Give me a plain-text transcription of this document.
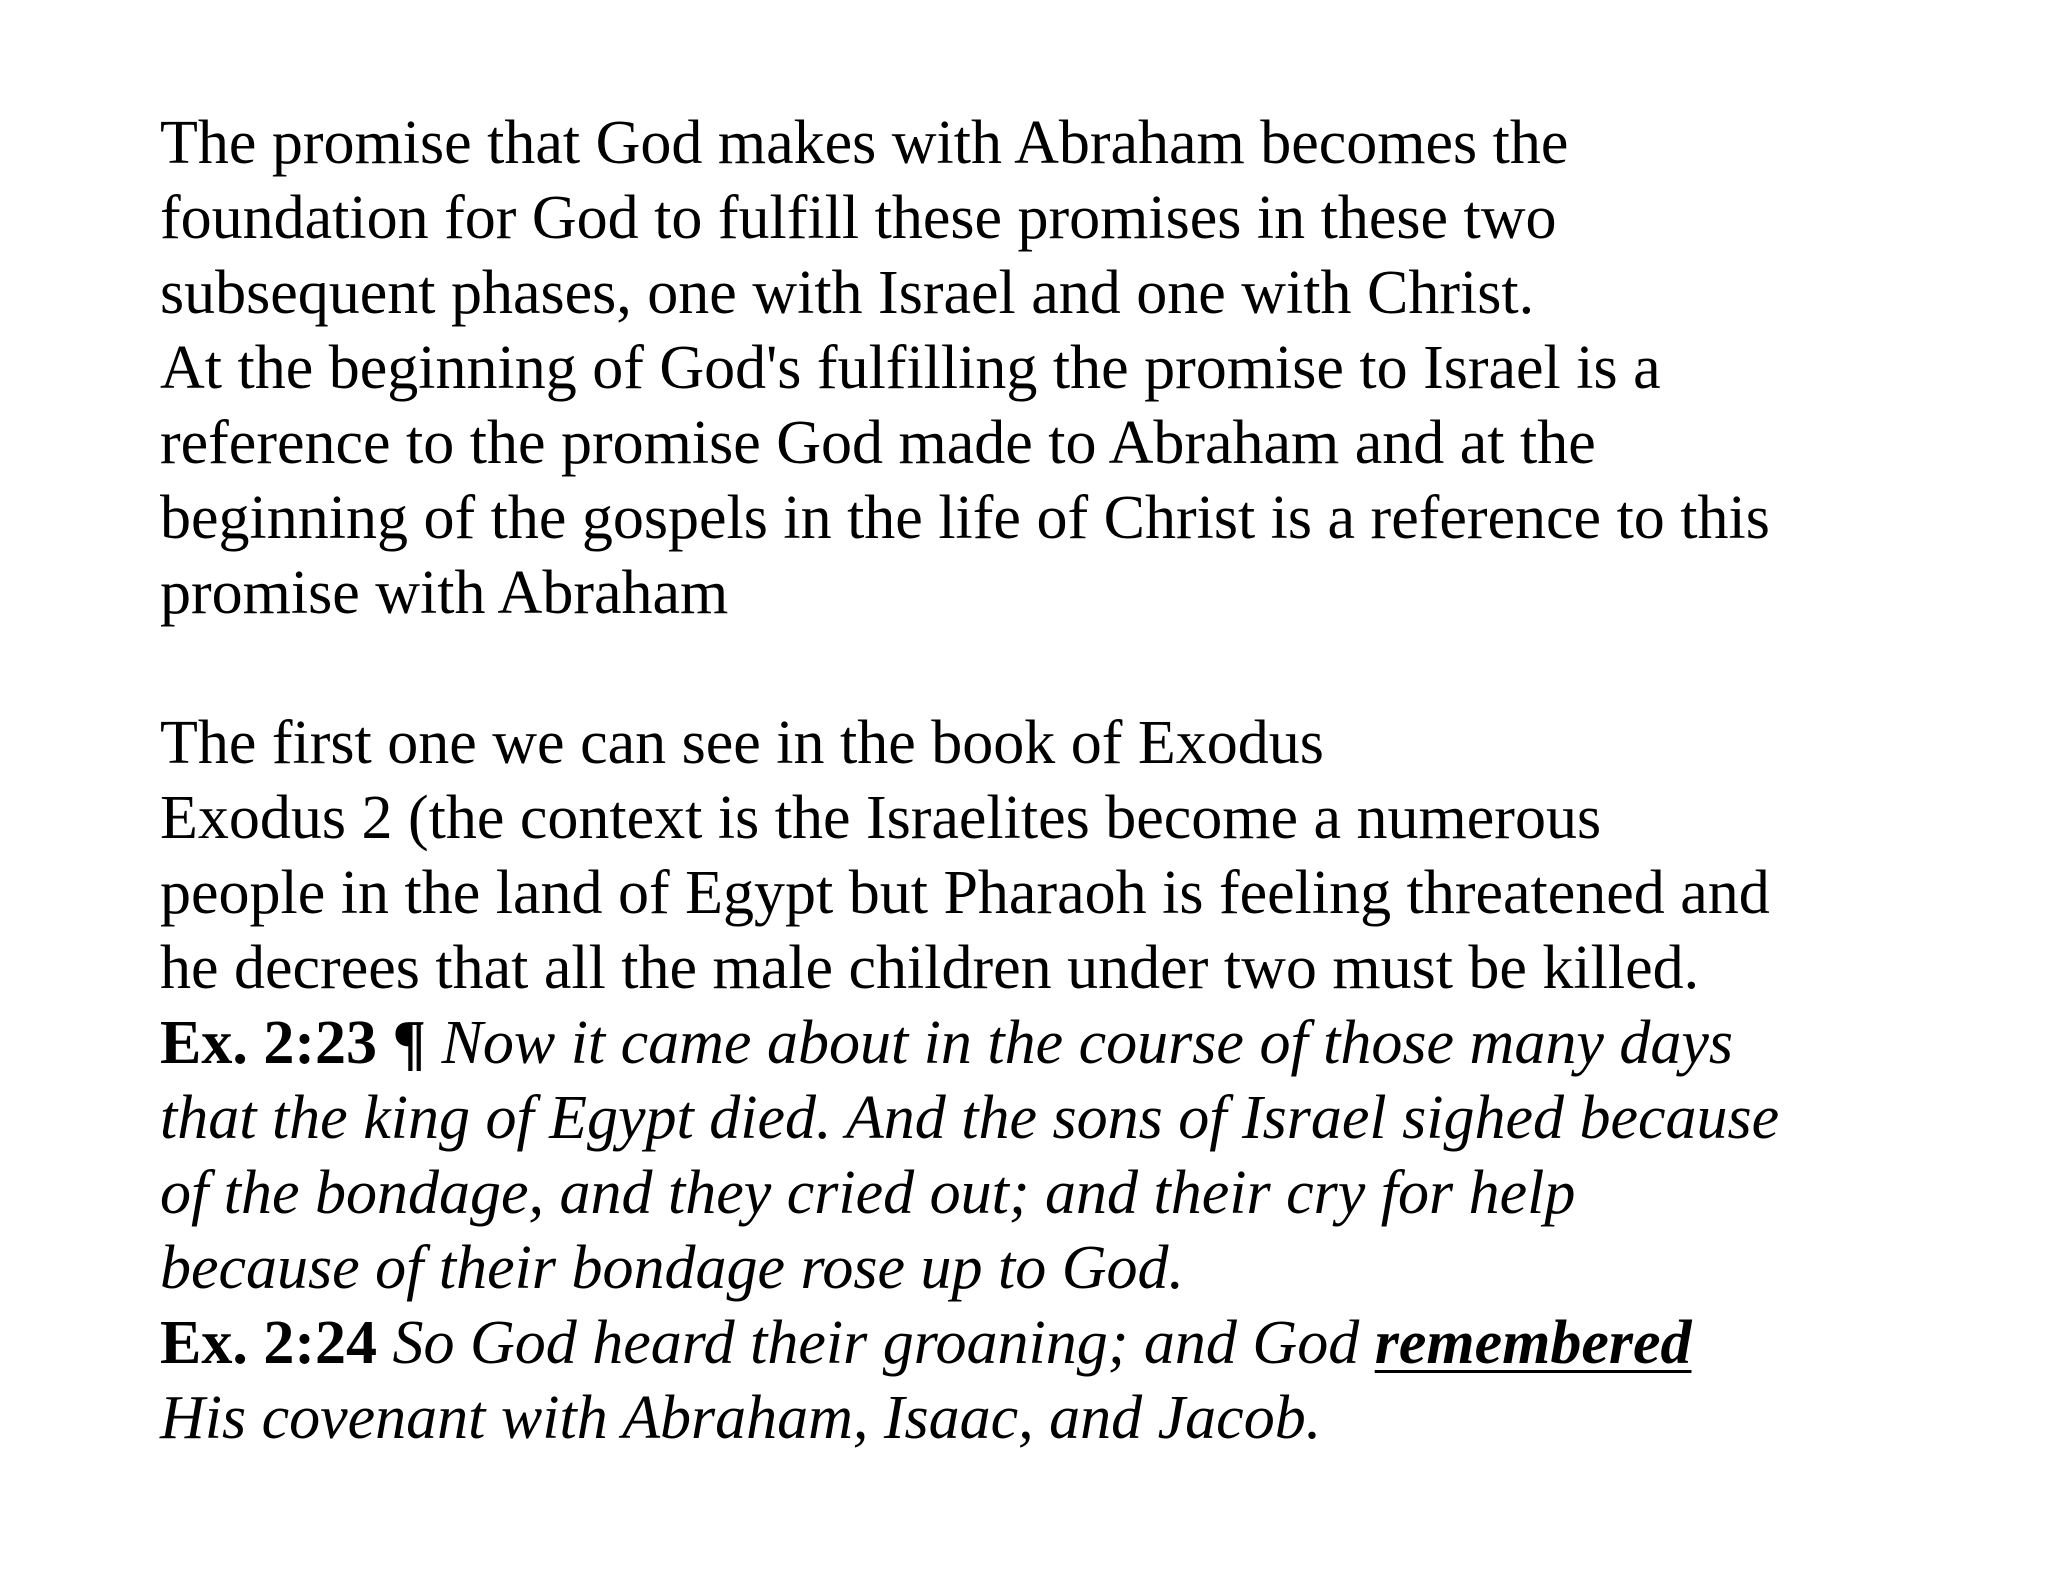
The promise that God makes with Abraham becomes the
foundation for God to fulfill these promises in these two
subsequent phases, one with Israel and one with Christ.
At the beginning of God's fulfilling the promise to Israel is a
reference to the promise God made to Abraham and at the
beginning of the gospels in the life of Christ is a reference to this
promise with Abraham
The first one we can see in the book of Exodus
Exodus 2 (the context is the Israelites become a numerous
people in the land of Egypt but Pharaoh is feeling threatened and
he decrees that all the male children under two must be killed.
Ex. 2:23 ¶ Now it came about in the course of those many days
that the king of Egypt died. And the sons of Israel sighed because
of the bondage, and they cried out; and their cry for help
because of their bondage rose up to God.
Ex. 2:24 So God heard their groaning; and God remembered
His covenant with Abraham, Isaac, and Jacob.
